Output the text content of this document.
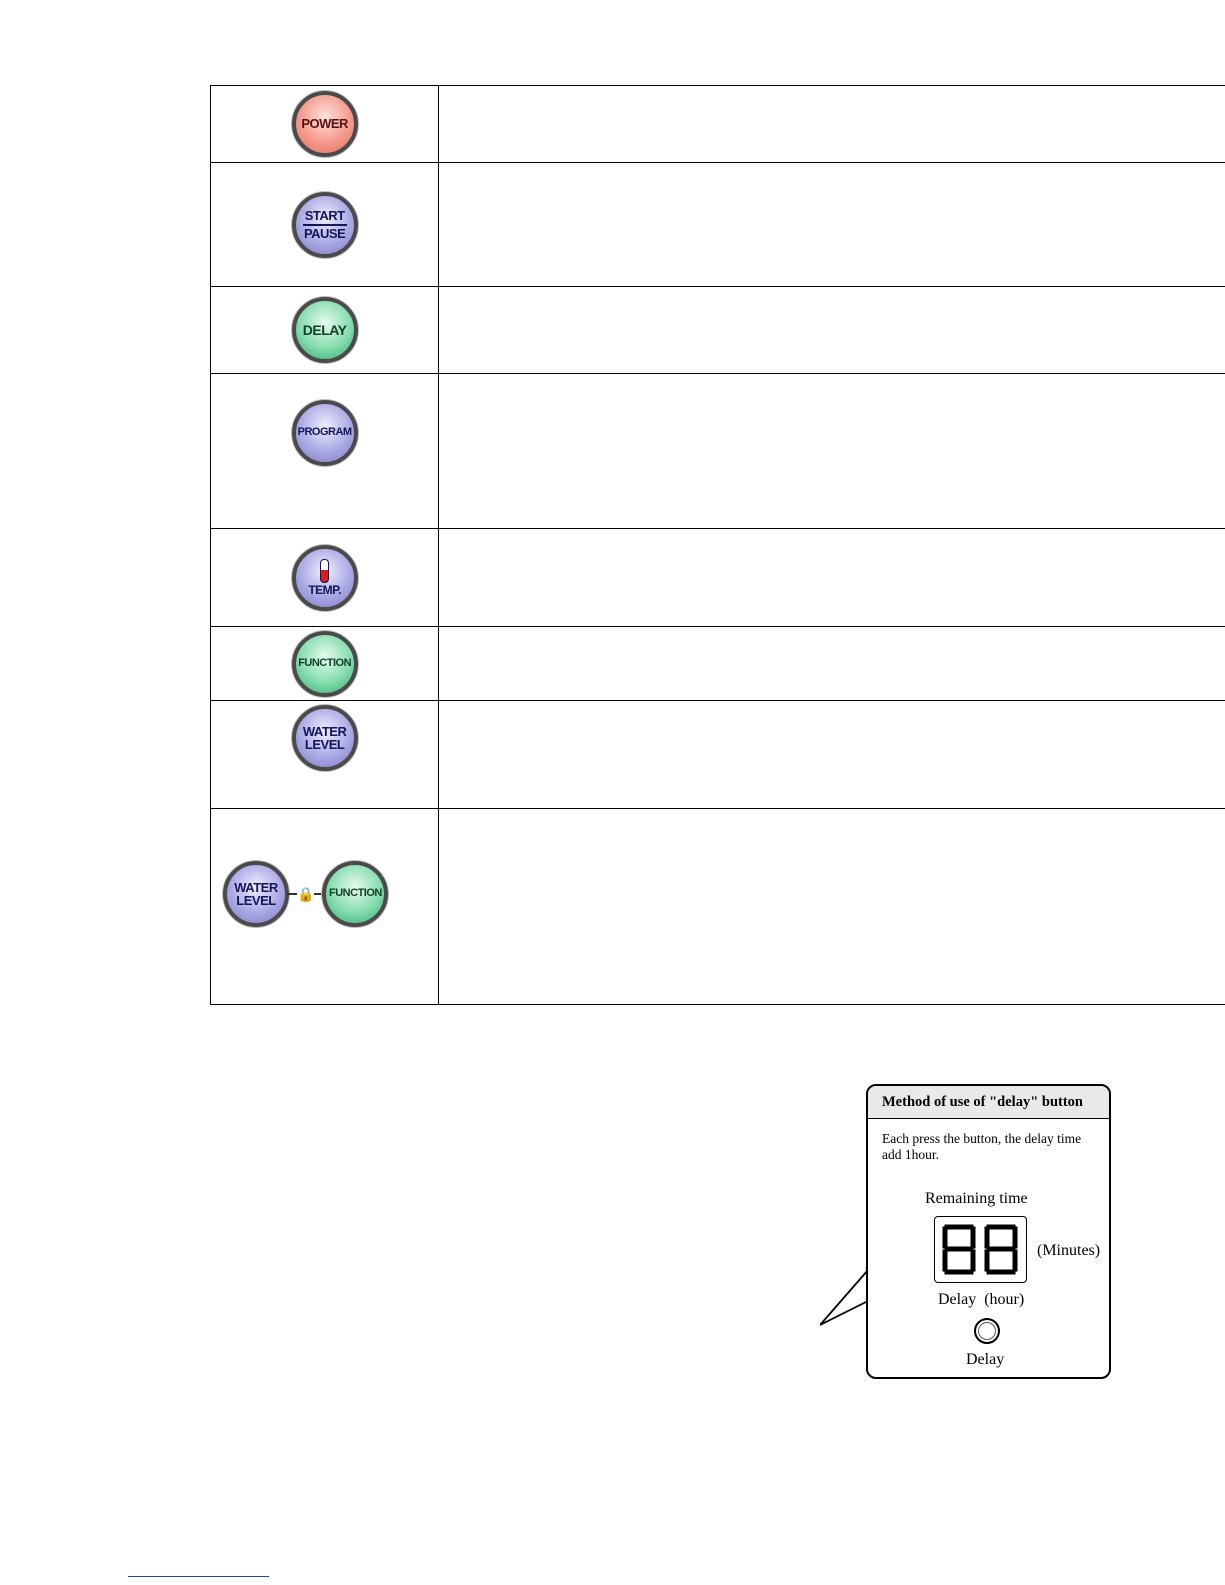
POWER	

START
PAUSE	

DELAY	

PROGRAM	

TEMP.	

FUNCTION	

WATER
LEVEL	

WATER
LEVEL 🔒 FUNCTION	

Method of use of "delay" button
Each press the button, the delay time add 1hour.
Remaining time
(Minutes)
Delay (hour)
Delay
